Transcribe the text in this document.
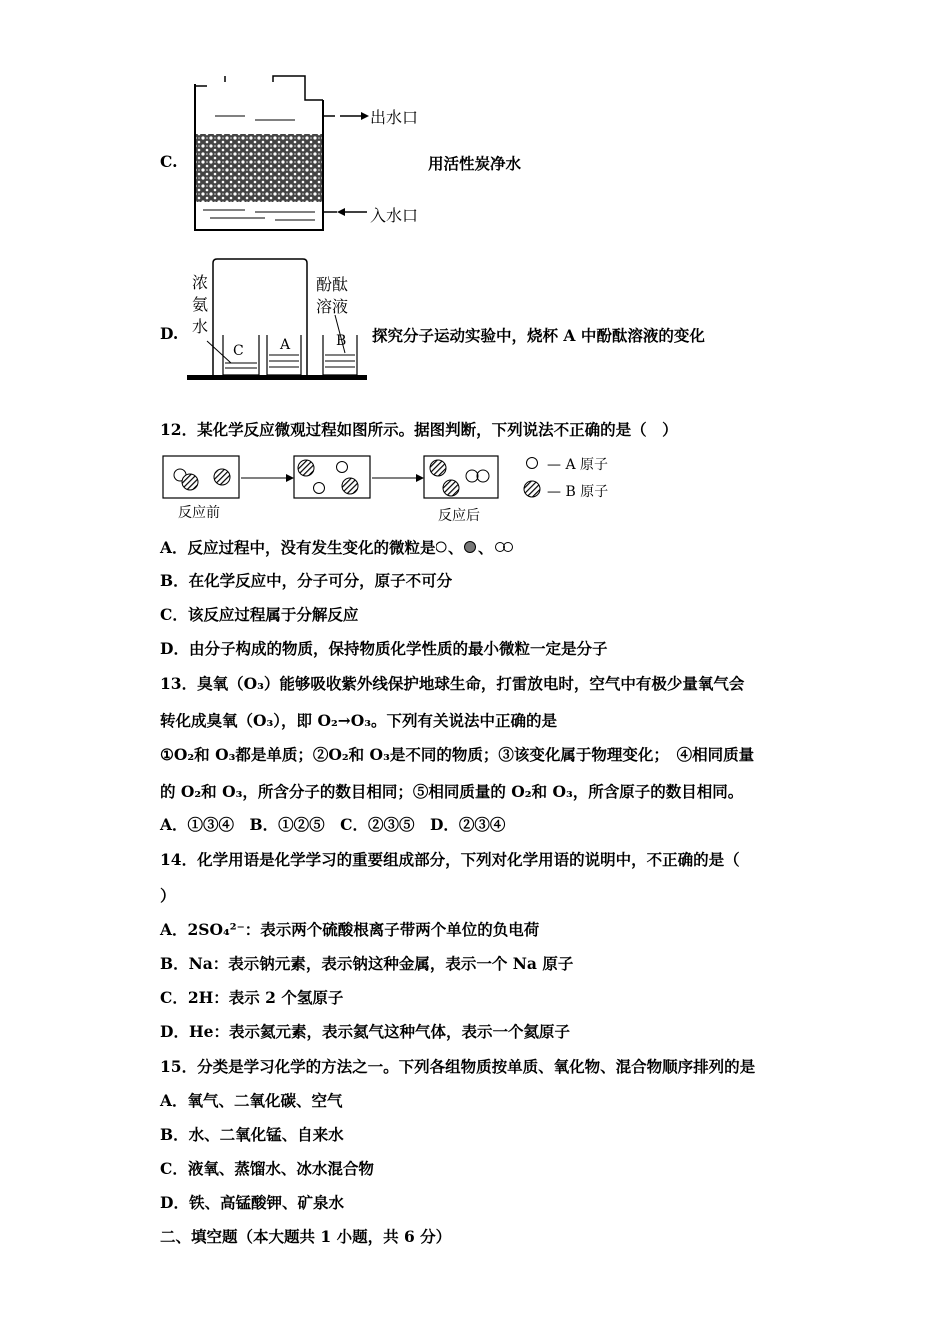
C.
出水口
入水口
用活性炭净水
D.
浓氨水
酚酞
溶液
C	A	B 探究分子运动实验中，烧杯 A 中酚酞溶液的变化
12．某化学反应微观过程如图所示。据图判断，下列说法不正确的是（　）
反应前	反应后
— A 原子
— B 原子
A．反应过程中，没有发生变化的微粒是 、 、
B．在化学反应中，分子可分，原子不可分
C．该反应过程属于分解反应
D．由分子构成的物质，保持物质化学性质的最小微粒一定是分子
13．臭氧（O₃）能够吸收紫外线保护地球生命，打雷放电时，空气中有极少量氧气会
转化成臭氧（O₃），即 O₂→O₃。下列有关说法中正确的是
①O₂和 O₃都是单质；②O₂和 O₃是不同的物质；③该变化属于物理变化；　④相同质量
的 O₂和 O₃，所含分子的数目相同；⑤相同质量的 O₂和 O₃，所含原子的数目相同。
A．①③④　B．①②⑤　C．②③⑤　D．②③④
14．化学用语是化学学习的重要组成部分，下列对化学用语的说明中，不正确的是（
）
A．2SO₄²⁻：表示两个硫酸根离子带两个单位的负电荷
B．Na：表示钠元素，表示钠这种金属，表示一个 Na 原子
C．2H：表示 2 个氢原子
D．He：表示氦元素，表示氦气这种气体，表示一个氦原子
15．分类是学习化学的方法之一。下列各组物质按单质、氧化物、混合物顺序排列的是
A．氧气、二氧化碳、空气
B．水、二氧化锰、自来水
C．液氧、蒸馏水、冰水混合物
D．铁、高锰酸钾、矿泉水
二、填空题（本大题共 1 小题，共 6 分）
